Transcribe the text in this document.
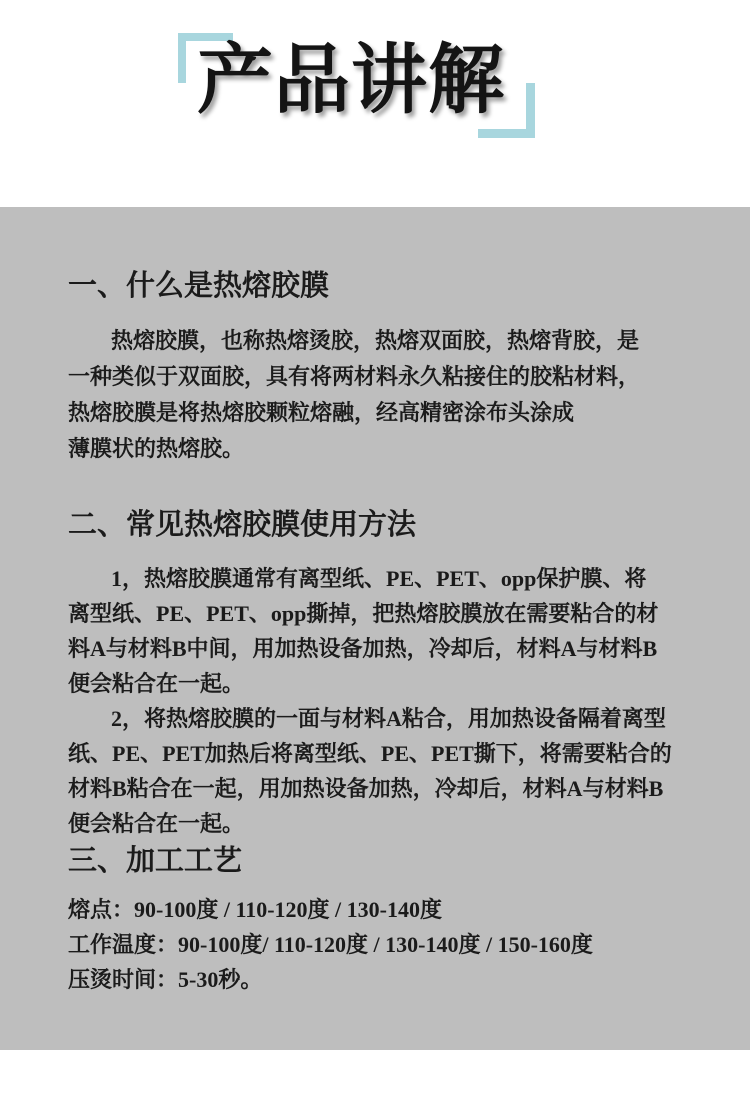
产品讲解
一、什么是热熔胶膜
热熔胶膜，也称热熔烫胶，热熔双面胶，热熔背胶，是
一种类似于双面胶，具有将两材料永久粘接住的胶粘材料，
热熔胶膜是将热熔胶颗粒熔融，经高精密涂布头涂成
薄膜状的热熔胶。
二、常见热熔胶膜使用方法
1，热熔胶膜通常有离型纸、PE、PET、opp保护膜、将
离型纸、PE、PET、opp撕掉，把热熔胶膜放在需要粘合的材
料A与材料B中间，用加热设备加热，冷却后，材料A与材料B
便会粘合在一起。
2，将热熔胶膜的一面与材料A粘合，用加热设备隔着离型
纸、PE、PET加热后将离型纸、PE、PET撕下，将需要粘合的
材料B粘合在一起，用加热设备加热，冷却后，材料A与材料B
便会粘合在一起。
三、加工工艺
熔点：90-100度 / 110-120度 / 130-140度
工作温度：90-100度/ 110-120度 / 130-140度 / 150-160度
压烫时间：5-30秒。
